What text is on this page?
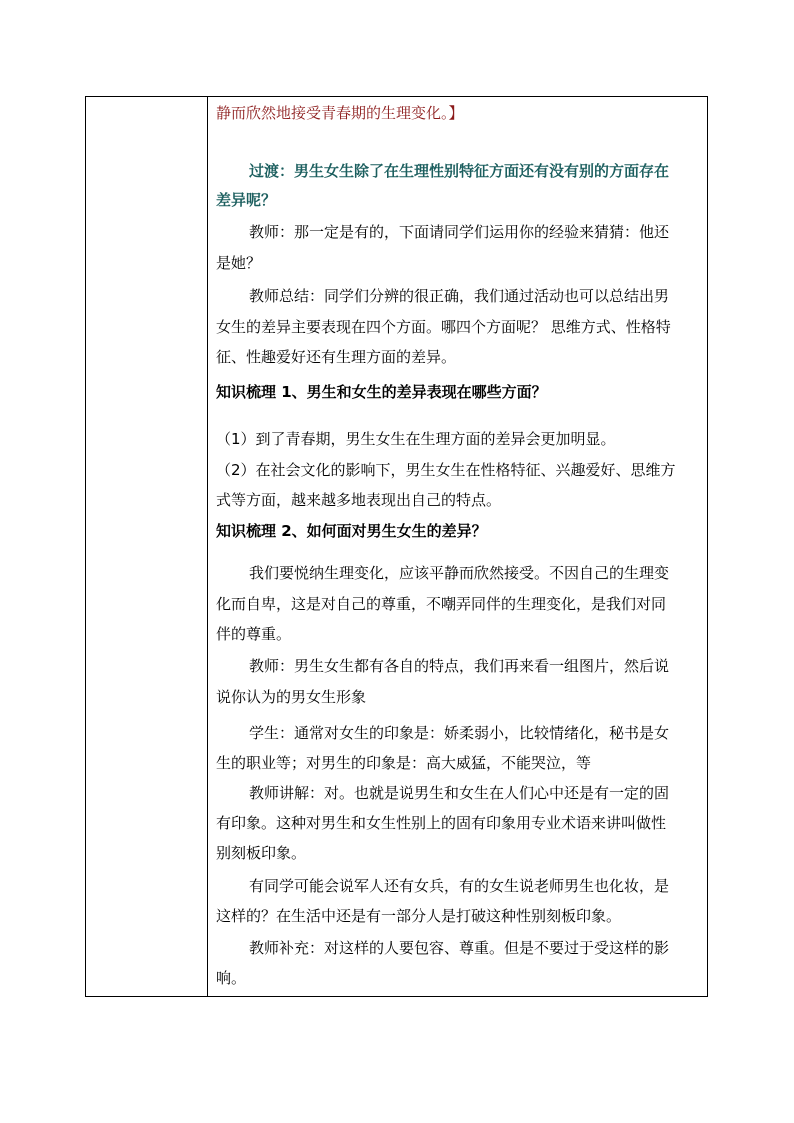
静而欣然地接受青春期的生理变化。】
过渡：男生女生除了在生理性别特征方面还有没有别的方面存在
差异呢？
教师：那一定是有的，下面请同学们运用你的经验来猜猜：他还
是她？
教师总结：同学们分辨的很正确，我们通过活动也可以总结出男
女生的差异主要表现在四个方面。哪四个方面呢？ 思维方式、性格特
征、性趣爱好还有生理方面的差异。
知识梳理 1、男生和女生的差异表现在哪些方面？
（1）到了青春期，男生女生在生理方面的差异会更加明显。
（2）在社会文化的影响下，男生女生在性格特征、兴趣爱好、思维方
式等方面，越来越多地表现出自己的特点。
知识梳理 2、如何面对男生女生的差异？
我们要悦纳生理变化，应该平静而欣然接受。不因自己的生理变
化而自卑，这是对自己的尊重，不嘲弄同伴的生理变化，是我们对同
伴的尊重。
教师：男生女生都有各自的特点，我们再来看一组图片，然后说
说你认为的男女生形象
学生：通常对女生的印象是：娇柔弱小，比较情绪化，秘书是女
生的职业等；对男生的印象是：高大威猛，不能哭泣，等
教师讲解：对。也就是说男生和女生在人们心中还是有一定的固
有印象。这种对男生和女生性别上的固有印象用专业术语来讲叫做性
别刻板印象。
有同学可能会说军人还有女兵，有的女生说老师男生也化妆，是
这样的？在生活中还是有一部分人是打破这种性别刻板印象。
教师补充：对这样的人要包容、尊重。但是不要过于受这样的影
响。
